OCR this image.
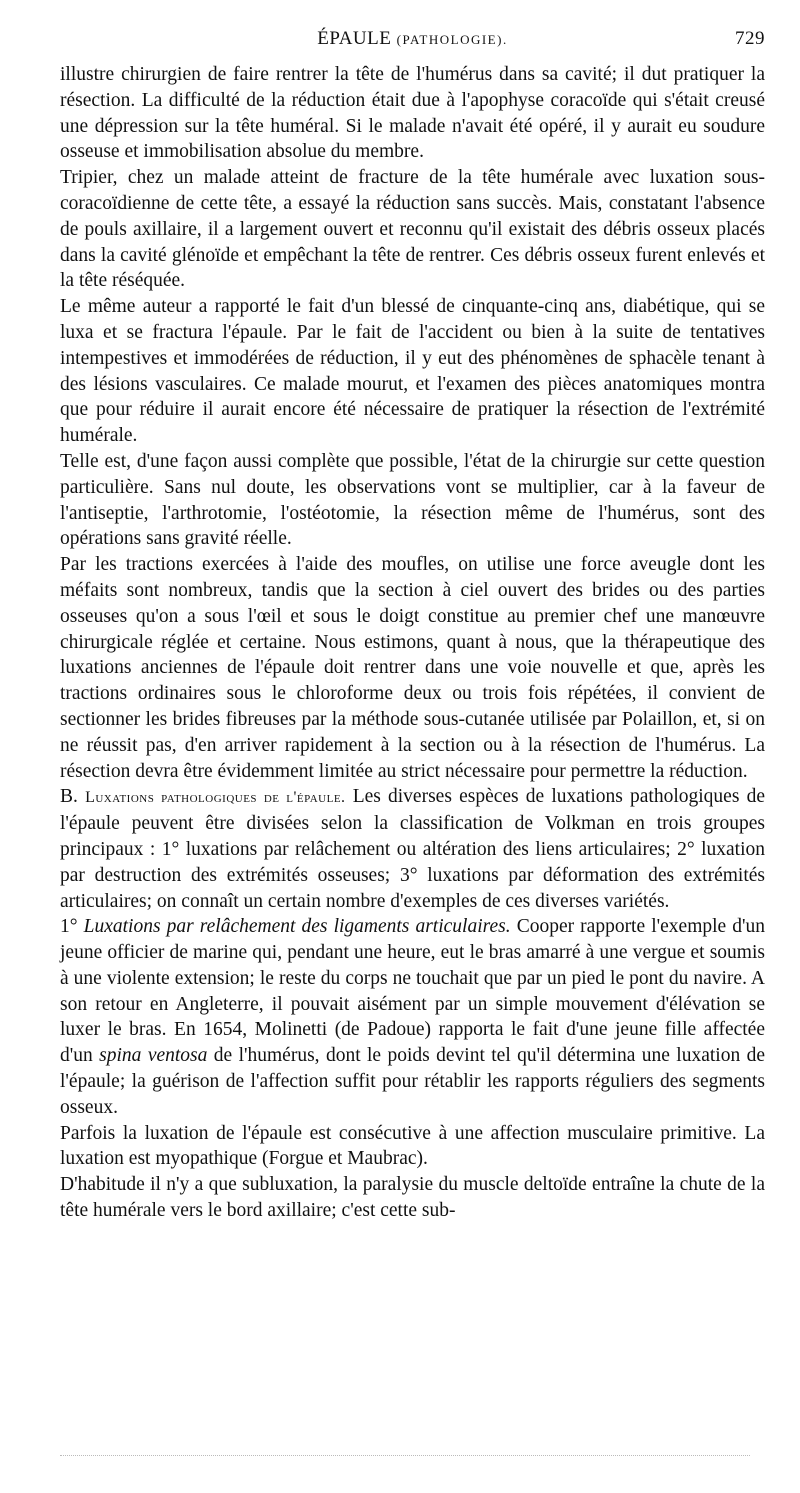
ÉPAULE (PATHOLOGIE).	729

illustre chirurgien de faire rentrer la tête de l'humérus dans sa cavité; il dut pratiquer la résection. La difficulté de la réduction était due à l'apophyse coracoïde qui s'était creusé une dépression sur la tête huméral. Si le malade n'avait été opéré, il y aurait eu soudure osseuse et immobilisation absolue du membre.

Tripier, chez un malade atteint de fracture de la tête humérale avec luxation sous-coracoïdienne de cette tête, a essayé la réduction sans succès. Mais, constatant l'absence de pouls axillaire, il a largement ouvert et reconnu qu'il existait des débris osseux placés dans la cavité glénoïde et empêchant la tête de rentrer. Ces débris osseux furent enlevés et la tête réséquée.

Le même auteur a rapporté le fait d'un blessé de cinquante-cinq ans, diabétique, qui se luxa et se fractura l'épaule. Par le fait de l'accident ou bien à la suite de tentatives intempestives et immodérées de réduction, il y eut des phénomènes de sphacèle tenant à des lésions vasculaires. Ce malade mourut, et l'examen des pièces anatomiques montra que pour réduire il aurait encore été nécessaire de pratiquer la résection de l'extrémité humérale.

Telle est, d'une façon aussi complète que possible, l'état de la chirurgie sur cette question particulière. Sans nul doute, les observations vont se multiplier, car à la faveur de l'antiseptie, l'arthrotomie, l'ostéotomie, la résection même de l'humérus, sont des opérations sans gravité réelle.

Par les tractions exercées à l'aide des moufles, on utilise une force aveugle dont les méfaits sont nombreux, tandis que la section à ciel ouvert des brides ou des parties osseuses qu'on a sous l'œil et sous le doigt constitue au premier chef une manœuvre chirurgicale réglée et certaine. Nous estimons, quant à nous, que la thérapeutique des luxations anciennes de l'épaule doit rentrer dans une voie nouvelle et que, après les tractions ordinaires sous le chloroforme deux ou trois fois répétées, il convient de sectionner les brides fibreuses par la méthode sous-cutanée utilisée par Polaillon, et, si on ne réussit pas, d'en arriver rapidement à la section ou à la résection de l'humérus. La résection devra être évidemment limitée au strict nécessaire pour permettre la réduction.

B. Luxations pathologiques de l'épaule. Les diverses espèces de luxations pathologiques de l'épaule peuvent être divisées selon la classification de Volkman en trois groupes principaux : 1° luxations par relâchement ou altération des liens articulaires; 2° luxation par destruction des extrémités osseuses; 3° luxations par déformation des extrémités articulaires; on connaît un certain nombre d'exemples de ces diverses variétés.

1° Luxations par relâchement des ligaments articulaires. Cooper rapporte l'exemple d'un jeune officier de marine qui, pendant une heure, eut le bras amarré à une vergue et soumis à une violente extension; le reste du corps ne touchait que par un pied le pont du navire. A son retour en Angleterre, il pouvait aisément par un simple mouvement d'élévation se luxer le bras. En 1654, Molinetti (de Padoue) rapporta le fait d'une jeune fille affectée d'un spina ventosa de l'humérus, dont le poids devint tel qu'il détermina une luxation de l'épaule; la guérison de l'affection suffit pour rétablir les rapports réguliers des segments osseux.

Parfois la luxation de l'épaule est consécutive à une affection musculaire primitive. La luxation est myopathique (Forgue et Maubrac).

D'habitude il n'y a que subluxation, la paralysie du muscle deltoïde entraîne la chute de la tête humérale vers le bord axillaire; c'est cette sub-
